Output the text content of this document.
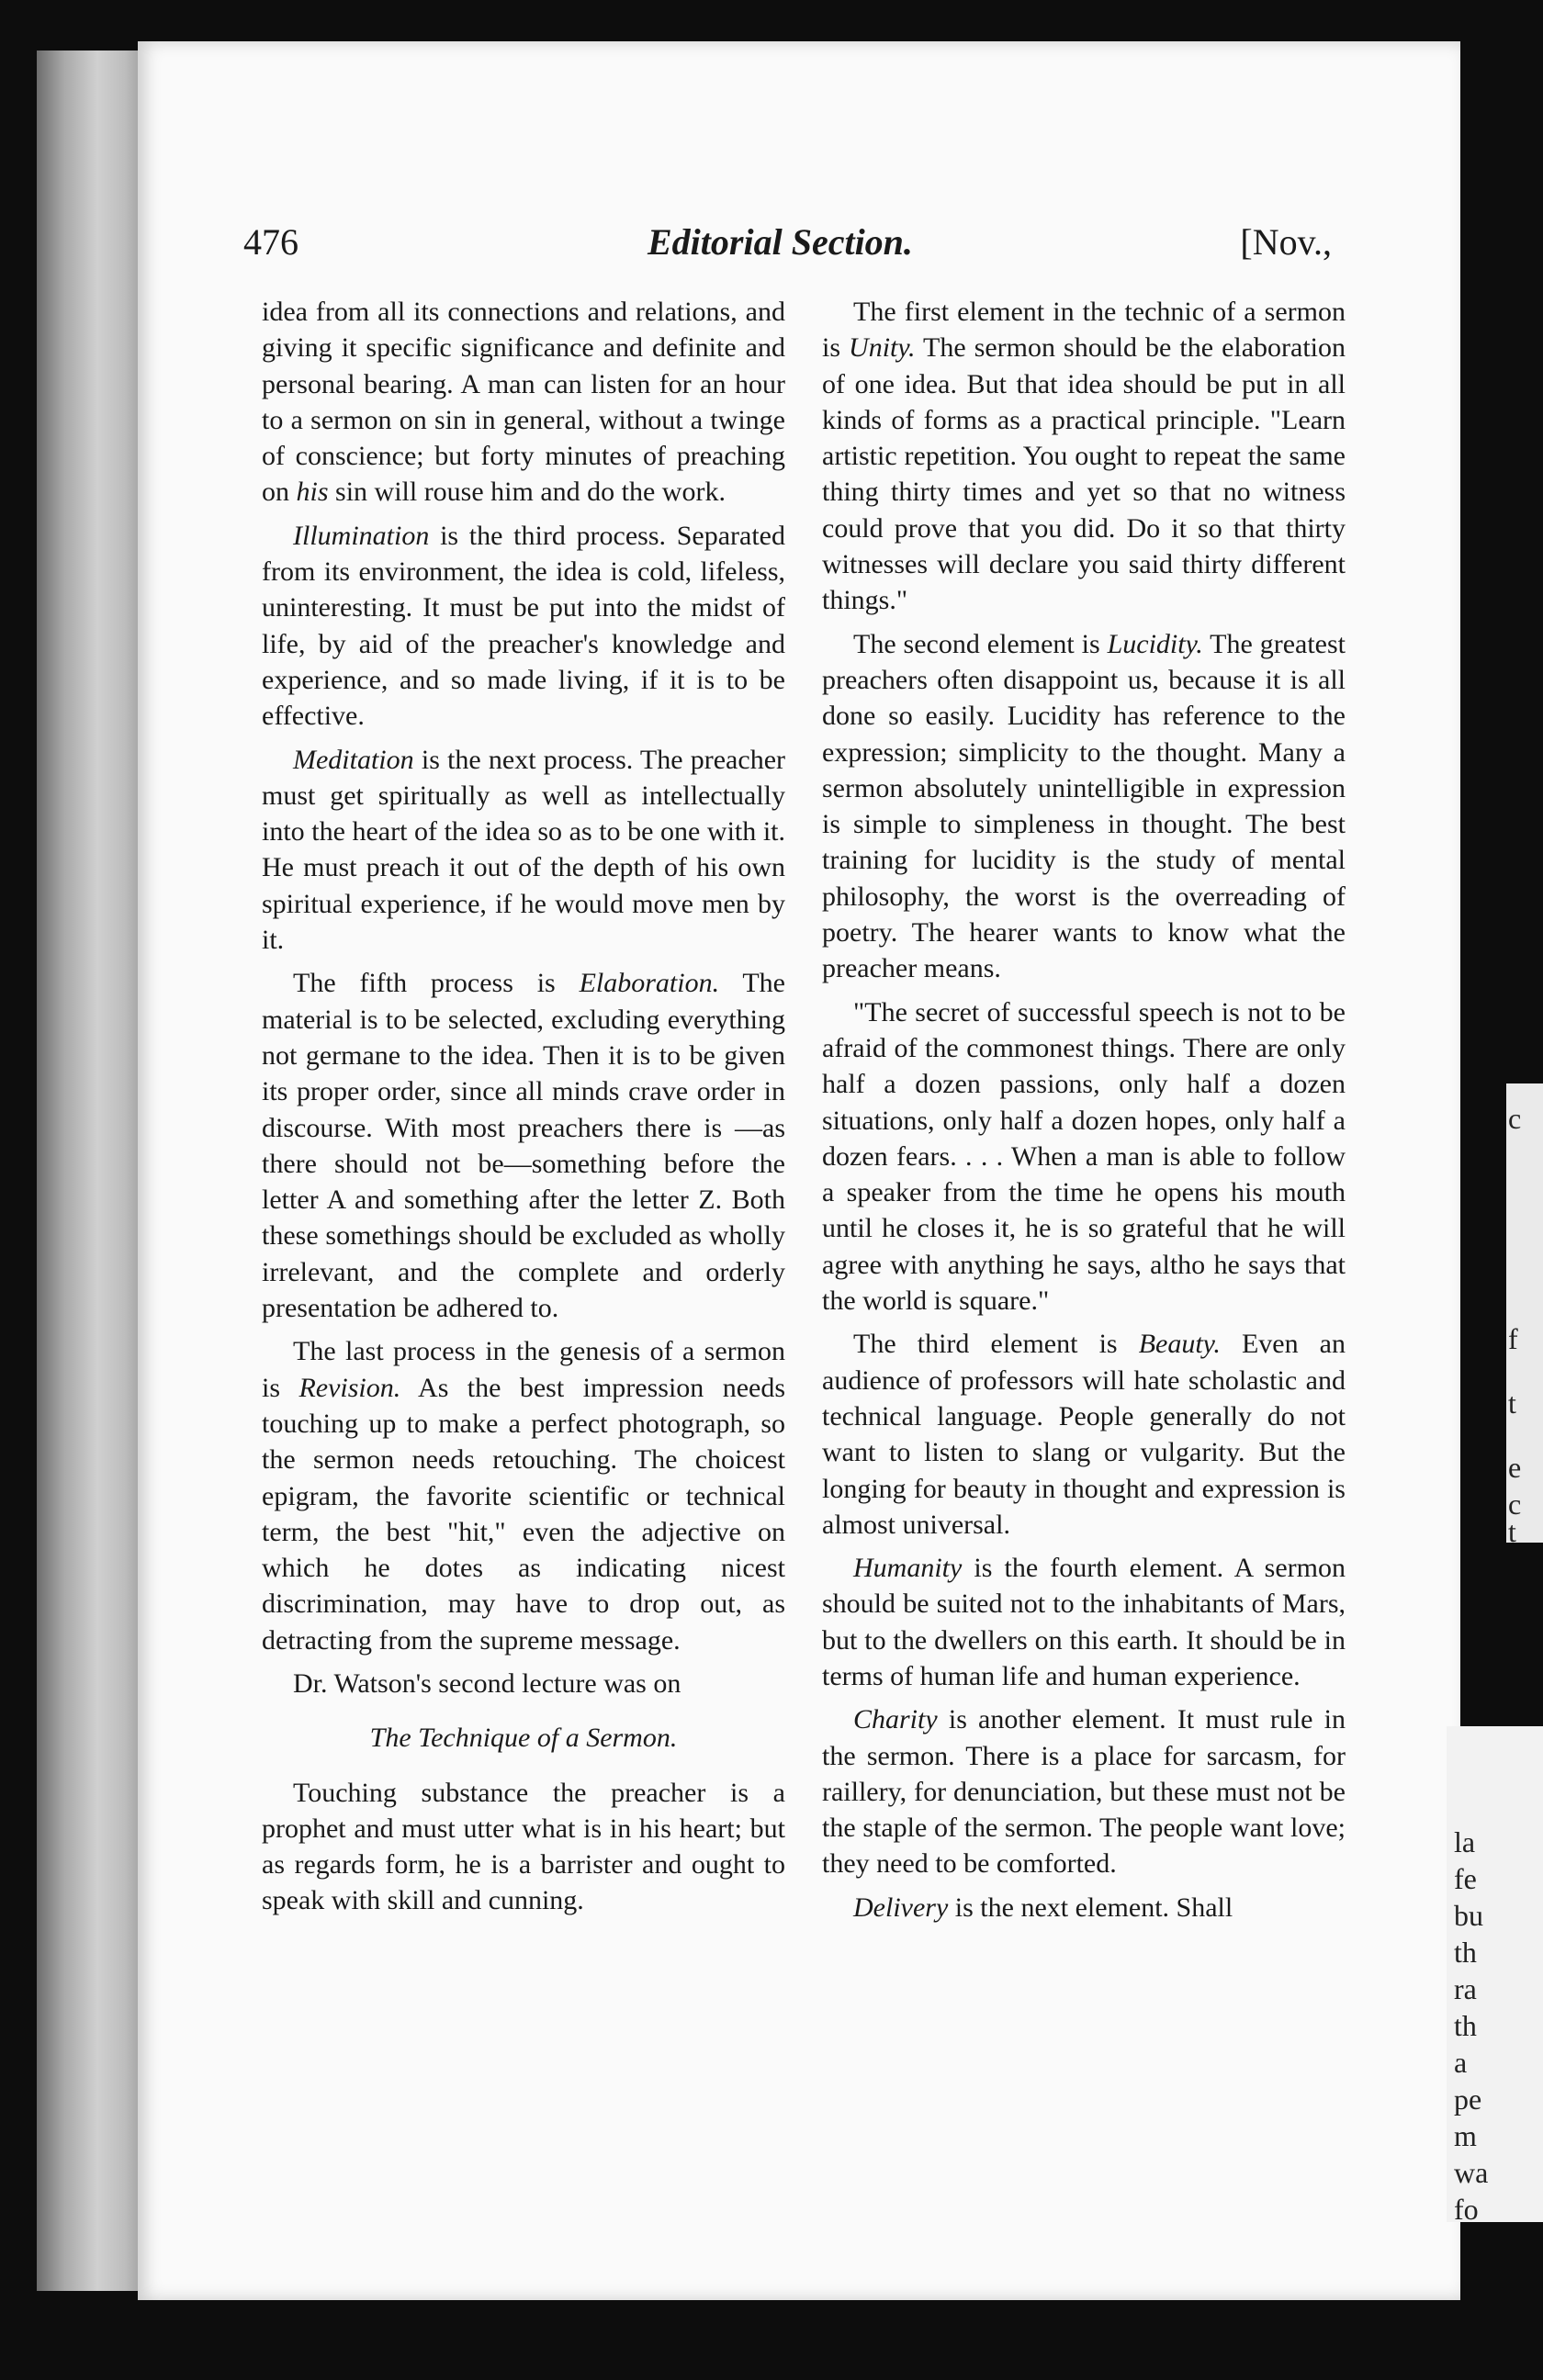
f
t
e
c
c
t
la
fe
bu
th
ra
th
a
pe
m
wa
fo
476	Editorial Section.	[Nov.,

idea from all its connections and relations, and giving it specific significance and definite and personal bearing. A man can listen for an hour to a sermon on sin in general, without a twinge of conscience; but forty minutes of preaching on his sin will rouse him and do the work.

Illumination is the third process. Separated from its environment, the idea is cold, lifeless, uninteresting. It must be put into the midst of life, by aid of the preacher's knowledge and experience, and so made living, if it is to be effective.

Meditation is the next process. The preacher must get spiritually as well as intellectually into the heart of the idea so as to be one with it. He must preach it out of the depth of his own spiritual experience, if he would move men by it.

The fifth process is Elaboration. The material is to be selected, excluding everything not germane to the idea. Then it is to be given its proper order, since all minds crave order in discourse. With most preachers there is —as there should not be—something before the letter A and something after the letter Z. Both these somethings should be excluded as wholly irrelevant, and the complete and orderly presentation be adhered to.

The last process in the genesis of a sermon is Revision. As the best impression needs touching up to make a perfect photograph, so the sermon needs retouching. The choicest epigram, the favorite scientific or technical term, the best "hit," even the adjective on which he dotes as indicating nicest discrimination, may have to drop out, as detracting from the supreme message.

Dr. Watson's second lecture was on

The Technique of a Sermon.

Touching substance the preacher is a prophet and must utter what is in his heart; but as regards form, he is a barrister and ought to speak with skill and cunning.

The first element in the technic of a sermon is Unity. The sermon should be the elaboration of one idea. But that idea should be put in all kinds of forms as a practical principle. "Learn artistic repetition. You ought to repeat the same thing thirty times and yet so that no witness could prove that you did. Do it so that thirty witnesses will declare you said thirty different things."

The second element is Lucidity. The greatest preachers often disappoint us, because it is all done so easily. Lucidity has reference to the expression; simplicity to the thought. Many a sermon absolutely unintelligible in expression is simple to simpleness in thought. The best training for lucidity is the study of mental philosophy, the worst is the overreading of poetry. The hearer wants to know what the preacher means.

"The secret of successful speech is not to be afraid of the commonest things. There are only half a dozen passions, only half a dozen situations, only half a dozen hopes, only half a dozen fears. . . . When a man is able to follow a speaker from the time he opens his mouth until he closes it, he is so grateful that he will agree with anything he says, altho he says that the world is square."

The third element is Beauty. Even an audience of professors will hate scholastic and technical language. People generally do not want to listen to slang or vulgarity. But the longing for beauty in thought and expression is almost universal.

Humanity is the fourth element. A sermon should be suited not to the inhabitants of Mars, but to the dwellers on this earth. It should be in terms of human life and human experience.

Charity is another element. It must rule in the sermon. There is a place for sarcasm, for raillery, for denunciation, but these must not be the staple of the sermon. The people want love; they need to be comforted.

Delivery is the next element. Shall
